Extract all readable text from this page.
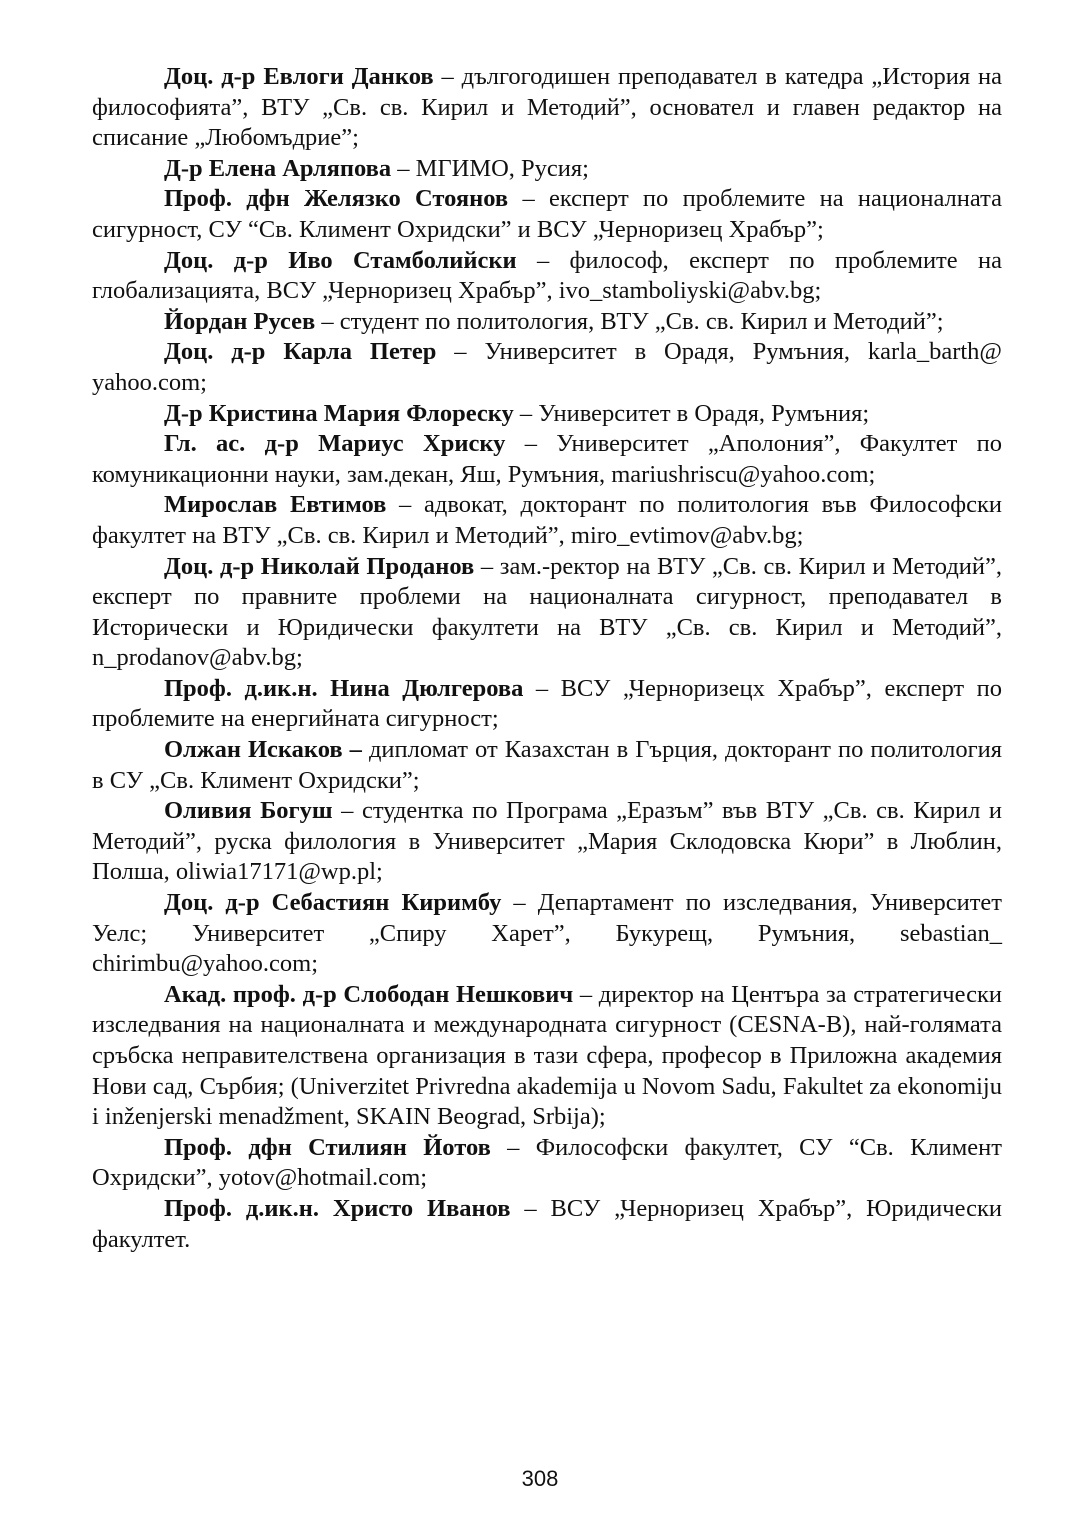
Доц. д-р Евлоги Данков – дългогодишен преподавател в катедра „История на философията”, ВТУ „Св. св. Кирил и Методий”, основател и главен редактор на списание „Любомъдрие”;

Д-р Елена Арляпова – МГИМО, Русия;

Проф. дфн Желязко Стоянов – експерт по проблемите на националната сигурност, СУ “Св. Климент Охридски” и ВСУ „Черноризец Храбър”;

Доц. д-р Иво Стамболийски – философ, експерт по проблемите на глобализацията, ВСУ „Черноризец Храбър”, ivo_stamboliyski@abv.bg;

Йордан Русев – студент по политология, ВТУ „Св. св. Кирил и Методий”;

Доц. д-р Карла Петер – Университет в Орадя, Румъния, karla_barth@ yahoo.com;

Д-р Кристина Мария Флореску – Университет в Орадя, Румъния;

Гл. ас. д-р Мариус Хриску – Университет „Аполония”, Факултет по комуникационни науки, зам.декан, Яш, Румъния, mariushriscu@yahoo.com;

Мирослав Евтимов – адвокат, докторант по политология във Философски факултет на ВТУ „Св. св. Кирил и Методий”, miro_evtimov@abv.bg;

Доц. д-р Николай Проданов – зам.-ректор на ВТУ „Св. св. Кирил и Методий”, експерт по правните проблеми на националната сигурност, преподавател в Исторически и Юридически факултети на ВТУ „Св. св. Кирил и Методий”, n_prodanov@abv.bg;

Проф. д.ик.н. Нина Дюлгерова – ВСУ „Черноризецх Храбър”, експерт по проблемите на енергийната сигурност;

Олжан Искаков – дипломат от Казахстан в Гърция, докторант по политология в СУ „Св. Климент Охридски”;

Оливия Богуш – студентка по Програма „Еразъм” във ВТУ „Св. св. Кирил и Методий”, руска филология в Университет „Мария Склодовска Кюри” в Люблин, Полша, oliwia17171@wp.pl;

Доц. д-р Себастиян Киримбу – Департамент по изследвания, Университет Уелс; Университет „Спиру Харет”, Букурещ, Румъния, sebastian_ chirimbu@yahoo.com;

Акад. проф. д-р Слободан Нешкович – директор на Центъра за стратегически изследвания на националната и международната сигурност (CESNA-B), най-голямата сръбска неправителствена организация в тази сфера, професор в Приложна академия Нови сад, Сърбия; (Univerzitet Privredna akademija u Novom Sadu, Fakultet za ekonomiju i inženjerski menadžment, SKAIN Beograd, Srbija);

Проф. дфн Стилиян Йотов – Философски факултет, СУ “Св. Климент Охридски”, yotov@hotmail.com;

Проф. д.ик.н. Христо Иванов – ВСУ „Черноризец Храбър”, Юридически факултет.

308
